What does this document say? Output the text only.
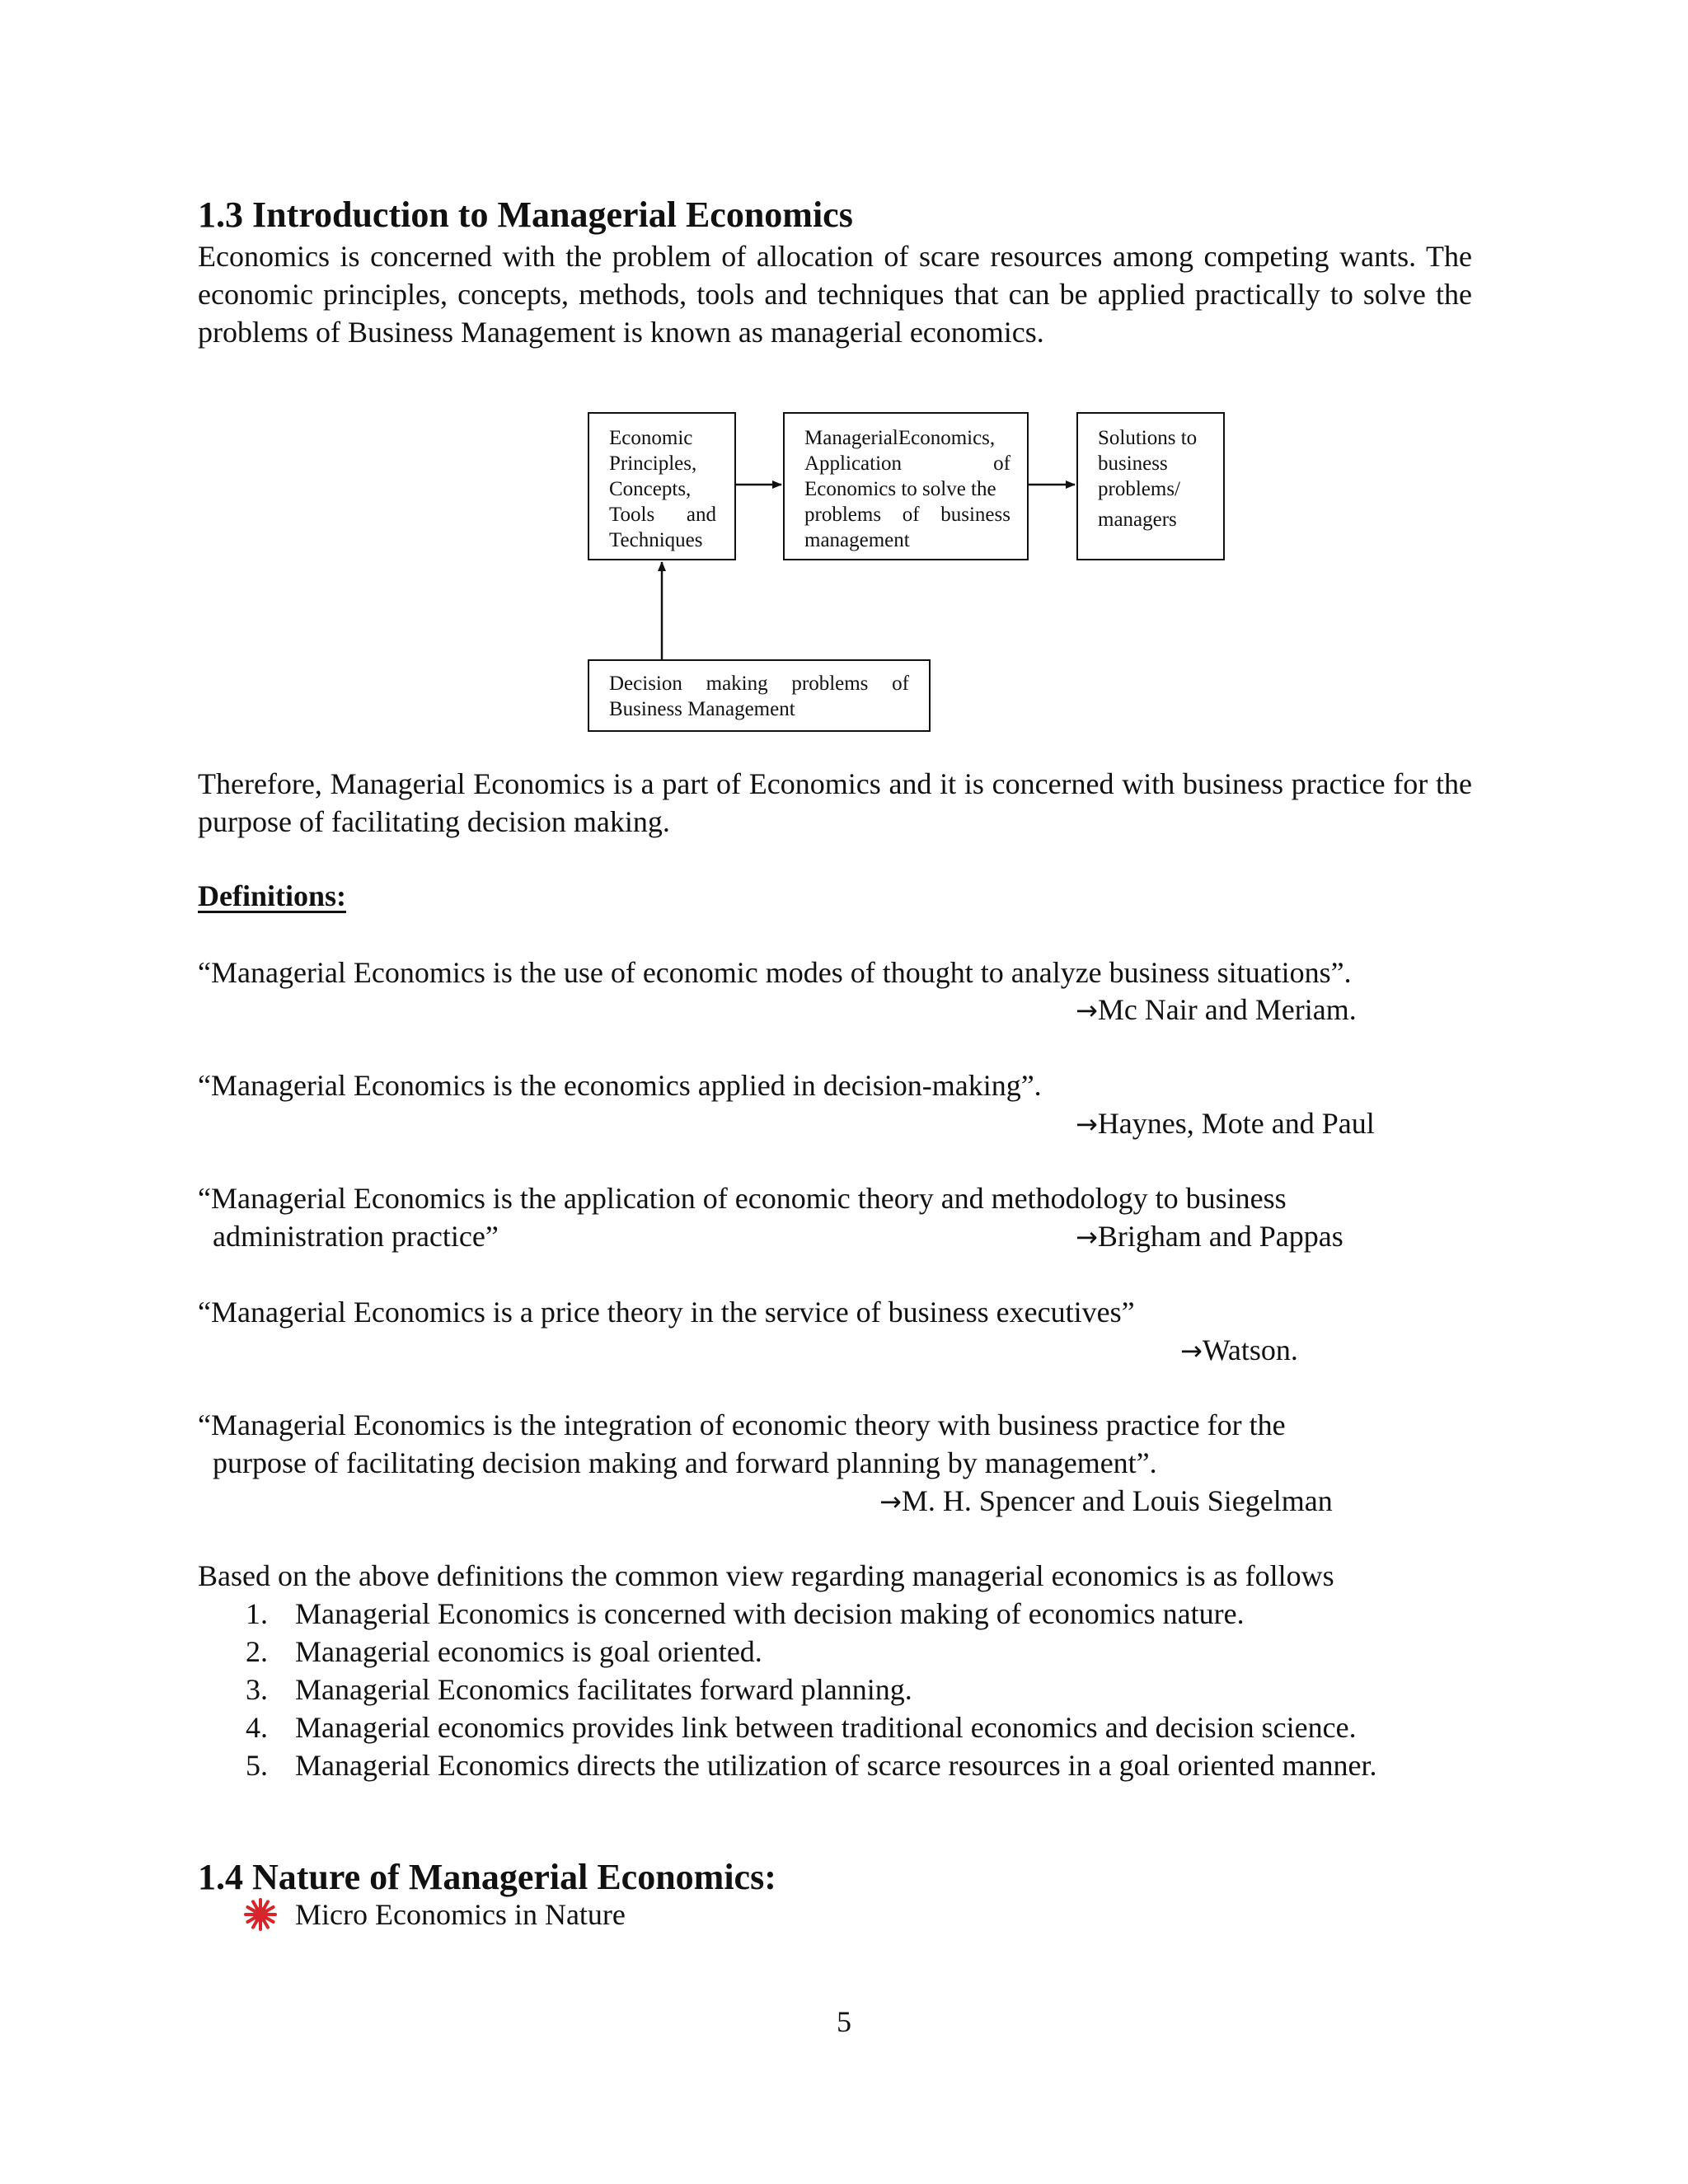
1.3 Introduction to Managerial Economics

Economics is concerned with the problem of allocation of scare resources among competing wants. The economic principles, concepts, methods, tools and techniques that can be applied practically to solve the problems of Business Management is known as managerial economics.

Economic

Principles,

Concepts,

Tools and

Techniques

ManagerialEconomics,

Application of

Economics to solve the

problems of business

management

Solutions to

business

problems/

managers

Decision making problems of

Business Management

Therefore, Managerial Economics is a part of Economics and it is concerned with business practice for the purpose of facilitating decision making.

Definitions:

“Managerial Economics is the use of economic modes of thought to analyze business situations”.

→Mc Nair and Meriam.

“Managerial Economics is the economics applied in decision-making”.

→Haynes, Mote and Paul

“Managerial Economics is the application of economic theory and methodology to business

administration practice”	→Brigham and Pappas

“Managerial Economics is a price theory in the service of business executives”

→Watson.

“Managerial Economics is the integration of economic theory with business practice for the

purpose of facilitating decision making and forward planning by management”.

→M. H. Spencer and Louis Siegelman

Based on the above definitions the common view regarding managerial economics is as follows

1. Managerial Economics is concerned with decision making of economics nature.
2. Managerial economics is goal oriented.
3. Managerial Economics facilitates forward planning.
4. Managerial economics provides link between traditional economics and decision science.
5. Managerial Economics directs the utilization of scarce resources in a goal oriented manner.
1.4 Nature of Managerial Economics:
Micro Economics in Nature
5
